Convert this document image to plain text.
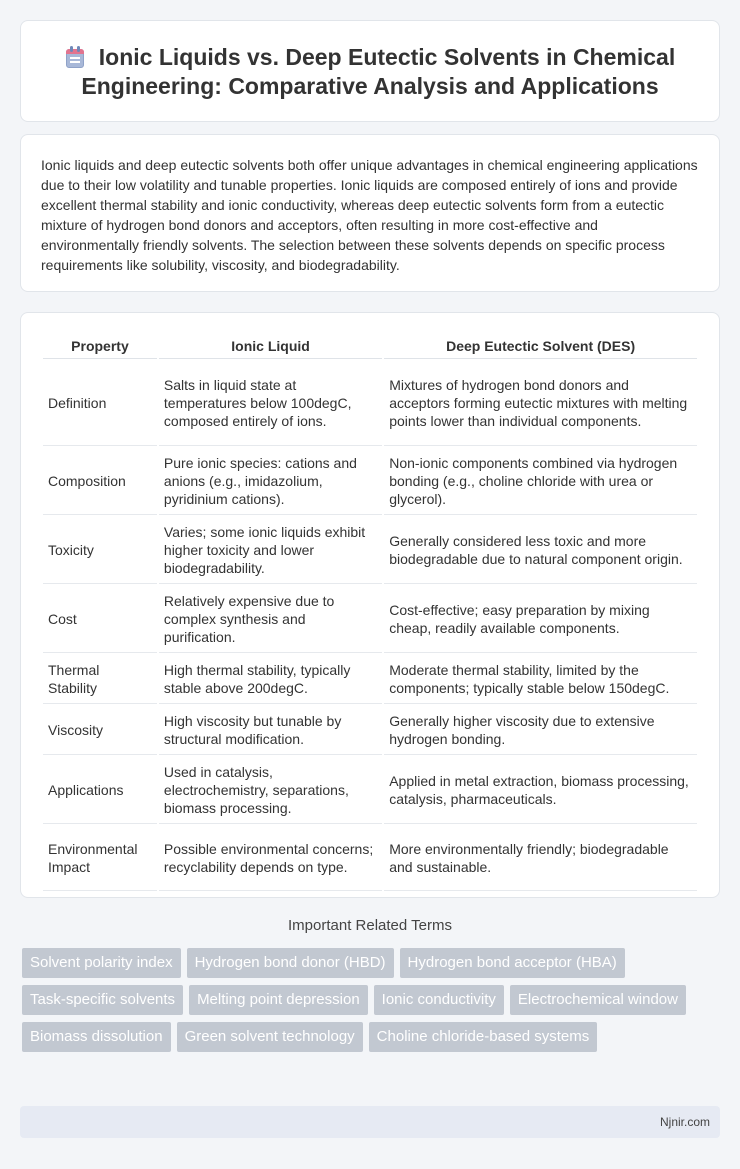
Ionic Liquids vs. Deep Eutectic Solvents in Chemical Engineering: Comparative Analysis and Applications

Ionic liquids and deep eutectic solvents both offer unique advantages in chemical engineering applications due to their low volatility and tunable properties. Ionic liquids are composed entirely of ions and provide excellent thermal stability and ionic conductivity, whereas deep eutectic solvents form from a eutectic mixture of hydrogen bond donors and acceptors, often resulting in more cost-effective and environmentally friendly solvents. The selection between these solvents depends on specific process requirements like solubility, viscosity, and biodegradability.

Property	Ionic Liquid	Deep Eutectic Solvent (DES)
Definition	Salts in liquid state at temperatures below 100degC, composed entirely of ions.	Mixtures of hydrogen bond donors and acceptors forming eutectic mixtures with melting points lower than individual components.
Composition	Pure ionic species: cations and anions (e.g., imidazolium, pyridinium cations).	Non-ionic components combined via hydrogen bonding (e.g., choline chloride with urea or glycerol).
Toxicity	Varies; some ionic liquids exhibit higher toxicity and lower biodegradability.	Generally considered less toxic and more biodegradable due to natural component origin.
Cost	Relatively expensive due to complex synthesis and purification.	Cost-effective; easy preparation by mixing cheap, readily available components.
Thermal Stability	High thermal stability, typically stable above 200degC.	Moderate thermal stability, limited by the components; typically stable below 150degC.
Viscosity	High viscosity but tunable by structural modification.	Generally higher viscosity due to extensive hydrogen bonding.
Applications	Used in catalysis, electrochemistry, separations, biomass processing.	Applied in metal extraction, biomass processing, catalysis, pharmaceuticals.
Environmental Impact	Possible environmental concerns; recyclability depends on type.	More environmentally friendly; biodegradable and sustainable.
Important Related Terms
Solvent polarity index	Hydrogen bond donor (HBD)	Hydrogen bond acceptor (HBA)
Task-specific solvents	Melting point depression	Ionic conductivity	Electrochemical window
Biomass dissolution	Green solvent technology	Choline chloride-based systems
Njnir.com
